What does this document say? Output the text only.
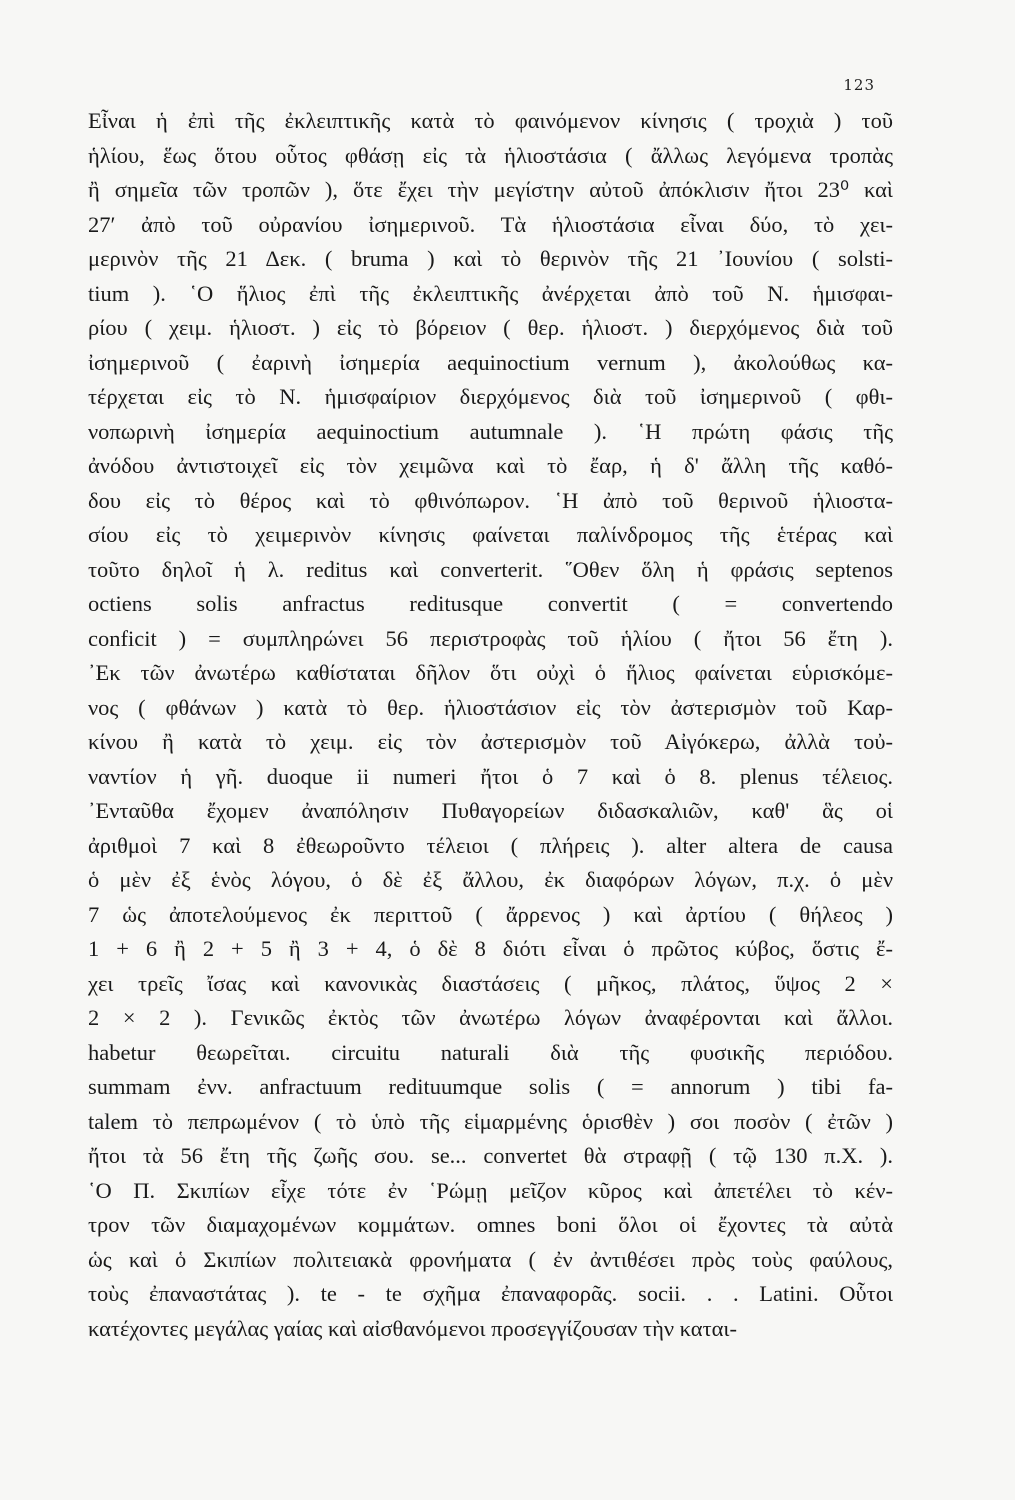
123
Εἶναι ἡ ἐπὶ τῆς ἐκλειπτικῆς κατὰ τὸ φαινόμενον κίνησις ( τροχιὰ ) τοῦ
ἡλίου, ἕως ὅτου οὗτος φθάσῃ εἰς τὰ ἡλιοστάσια ( ἄλλως λεγόμενα τροπὰς
ἢ σημεῖα τῶν τροπῶν ), ὅτε ἔχει τὴν μεγίστην αὐτοῦ ἀπόκλισιν ἤτοι 23⁰ καὶ
27′ ἀπὸ τοῦ οὐρανίου ἰσημερινοῦ. Τὰ ἡλιοστάσια εἶναι δύο, τὸ χει-
μερινὸν τῆς 21 Δεκ. ( bruma ) καὶ τὸ θερινὸν τῆς 21 ᾿Ιουνίου ( solsti-
tium ). ῾Ο ἥλιος ἐπὶ τῆς ἐκλειπτικῆς ἀνέρχεται ἀπὸ τοῦ Ν. ἡμισφαι-
ρίου ( χειμ. ἡλιοστ. ) εἰς τὸ βόρειον ( θερ. ἡλιοστ. ) διερχόμενος διὰ τοῦ
ἰσημερινοῦ ( ἐαρινὴ ἰσημερία aequinoctium vernum ), ἀκολούθως κα-
τέρχεται εἰς τὸ Ν. ἡμισφαίριον διερχόμενος διὰ τοῦ ἰσημερινοῦ ( φθι-
νοπωρινὴ ἰσημερία aequinoctium autumnale ). ῾Η πρώτη φάσις τῆς
ἀνόδου ἀντιστοιχεῖ εἰς τὸν χειμῶνα καὶ τὸ ἔαρ, ἡ δ' ἄλλη τῆς καθό-
δου εἰς τὸ θέρος καὶ τὸ φθινόπωρον. ῾Η ἀπὸ τοῦ θερινοῦ ἡλιοστα-
σίου εἰς τὸ χειμερινὸν κίνησις φαίνεται παλίνδρομος τῆς ἑτέρας καὶ
τοῦτο δηλοῖ ἡ λ. reditus καὶ converterit. ῞Οθεν ὅλη ἡ φράσις septenos
octiens solis anfractus reditusque convertit ( = convertendo
conficit ) = συμπληρώνει 56 περιστροφὰς τοῦ ἡλίου ( ἤτοι 56 ἔτη ).
᾿Εκ τῶν ἀνωτέρω καθίσταται δῆλον ὅτι οὐχὶ ὁ ἥλιος φαίνεται εὑρισκόμε-
νος ( φθάνων ) κατὰ τὸ θερ. ἡλιοστάσιον εἰς τὸν ἀστερισμὸν τοῦ Καρ-
κίνου ἢ κατὰ τὸ χειμ. εἰς τὸν ἀστερισμὸν τοῦ Αἰγόκερω, ἀλλὰ τοὐ-
ναντίον ἡ γῆ. duoque ii numeri ἤτοι ὁ 7 καὶ ὁ 8. plenus τέλειος.
᾿Ενταῦθα ἔχομεν ἀναπόλησιν Πυθαγορείων διδασκαλιῶν, καθ' ἃς οἱ
ἀριθμοὶ 7 καὶ 8 ἐθεωροῦντο τέλειοι ( πλήρεις ). alter altera de causa
ὁ μὲν ἐξ ἑνὸς λόγου, ὁ δὲ ἐξ ἄλλου, ἐκ διαφόρων λόγων, π.χ. ὁ μὲν
7 ὡς ἀποτελούμενος ἐκ περιττοῦ ( ἄρρενος ) καὶ ἀρτίου ( θήλεος )
1 + 6 ἢ 2 + 5 ἢ 3 + 4, ὁ δὲ 8 διότι εἶναι ὁ πρῶτος κύβος, ὅστις ἔ-
χει τρεῖς ἴσας καὶ κανονικὰς διαστάσεις ( μῆκος, πλάτος, ὕψος 2 ×
2 × 2 ). Γενικῶς ἐκτὸς τῶν ἀνωτέρω λόγων ἀναφέρονται καὶ ἄλλοι.
habetur θεωρεῖται. circuitu naturali διὰ τῆς φυσικῆς περιόδου.
summam ἐνν. anfractuum redituumque solis ( = annorum ) tibi fa-
talem τὸ πεπρωμένον ( τὸ ὑπὸ τῆς εἱμαρμένης ὁρισθὲν ) σοι ποσὸν ( ἐτῶν )
ἤτοι τὰ 56 ἔτη τῆς ζωῆς σου. se... convertet θὰ στραφῇ ( τῷ 130 π.Χ. ).
῾Ο Π. Σκιπίων εἶχε τότε ἐν ῾Ρώμῃ μεῖζον κῦρος καὶ ἀπετέλει τὸ κέν-
τρον τῶν διαμαχομένων κομμάτων. omnes boni ὅλοι οἱ ἔχοντες τὰ αὐτὰ
ὡς καὶ ὁ Σκιπίων πολιτειακὰ φρονήματα ( ἐν ἀντιθέσει πρὸς τοὺς φαύλους,
τοὺς ἐπαναστάτας ). te - te σχῆμα ἐπαναφορᾶς. socii. . . Latini. Οὗτοι
κατέχοντες μεγάλας γαίας καὶ αἰσθανόμενοι προσεγγίζουσαν τὴν καται-
